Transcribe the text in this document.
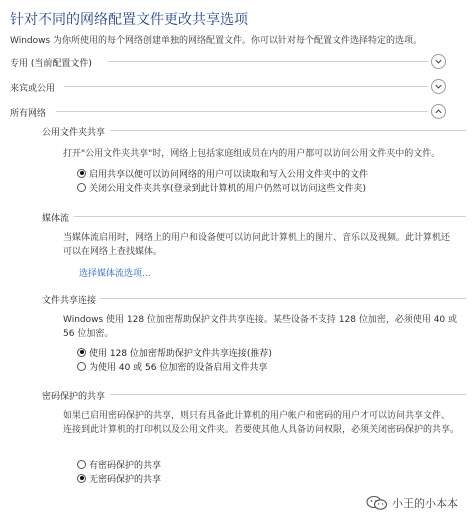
针对不同的网络配置文件更改共享选项
Windows 为你所使用的每个网络创建单独的网络配置文件。你可以针对每个配置文件选择特定的选项。
专用 (当前配置文件)
来宾或公用
所有网络
公用文件夹共享
打开"公用文件夹共享"时，网络上包括家庭组成员在内的用户都可以访问公用文件夹中的文件。
启用共享以便可以访问网络的用户可以读取和写入公用文件夹中的文件
关闭公用文件夹共享(登录到此计算机的用户仍然可以访问这些文件夹)
媒体流
当媒体流启用时，网络上的用户和设备便可以访问此计算机上的图片、音乐以及视频。此计算机还
可以在网络上查找媒体。
选择媒体流选项...
文件共享连接
Windows 使用 128 位加密帮助保护文件共享连接。某些设备不支持 128 位加密，必须使用 40 或
56 位加密。
使用 128 位加密帮助保护文件共享连接(推荐)
为使用 40 或 56 位加密的设备启用文件共享
密码保护的共享
如果已启用密码保护的共享，则只有具备此计算机的用户帐户和密码的用户才可以访问共享文件、
连接到此计算机的打印机以及公用文件夹。若要使其他人具备访问权限，必须关闭密码保护的共享。
有密码保护的共享
无密码保护的共享
小王的小本本
